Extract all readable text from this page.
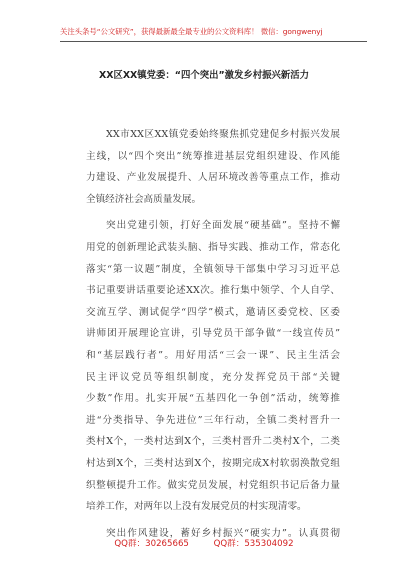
关注头条号“公文研究”，获得最新最全最专业的公文资料库！ 微信：gongwenyj
XX区XX镇党委：“四个突出”激发乡村振兴新活力
XX市XX区XX镇党委始终聚焦抓党建促乡村振兴发展
主线，以“四个突出”统筹推进基层党组织建设、作风能
力建设、产业发展提升、人居环境改善等重点工作，推动
全镇经济社会高质量发展。
突出党建引领，打好全面发展“硬基础”。坚持不懈
用党的创新理论武装头脑、指导实践、推动工作，常态化
落实“第一议题”制度，全镇领导干部集中学习习近平总
书记重要讲话重要论述XX次。推行集中领学、个人自学、
交流互学、测试促学“四学”模式，邀请区委党校、区委
讲师团开展理论宣讲，引导党员干部争做“一线宣传员”
和“基层践行者”。用好用活“三会一课”、民主生活会
民主评议党员等组织制度，充分发挥党员干部“关键
少数”作用。扎实开展“五基四化一争创”活动，统筹推
进“分类指导、争先进位”三年行动，全镇二类村晋升一
类村X个，一类村达到X个，三类村晋升二类村X个，二类
村达到X个，三类村达到X个，按期完成X村软弱涣散党组
织整顿提升工作。做实党员发展，村党组织书记后备力量
培养工作，对两年以上没有发展党员的村实现清零。
突出作风建设，蓄好乡村振兴“硬实力”。认真贯彻
QQ群：30265665	QQ群：535304092
